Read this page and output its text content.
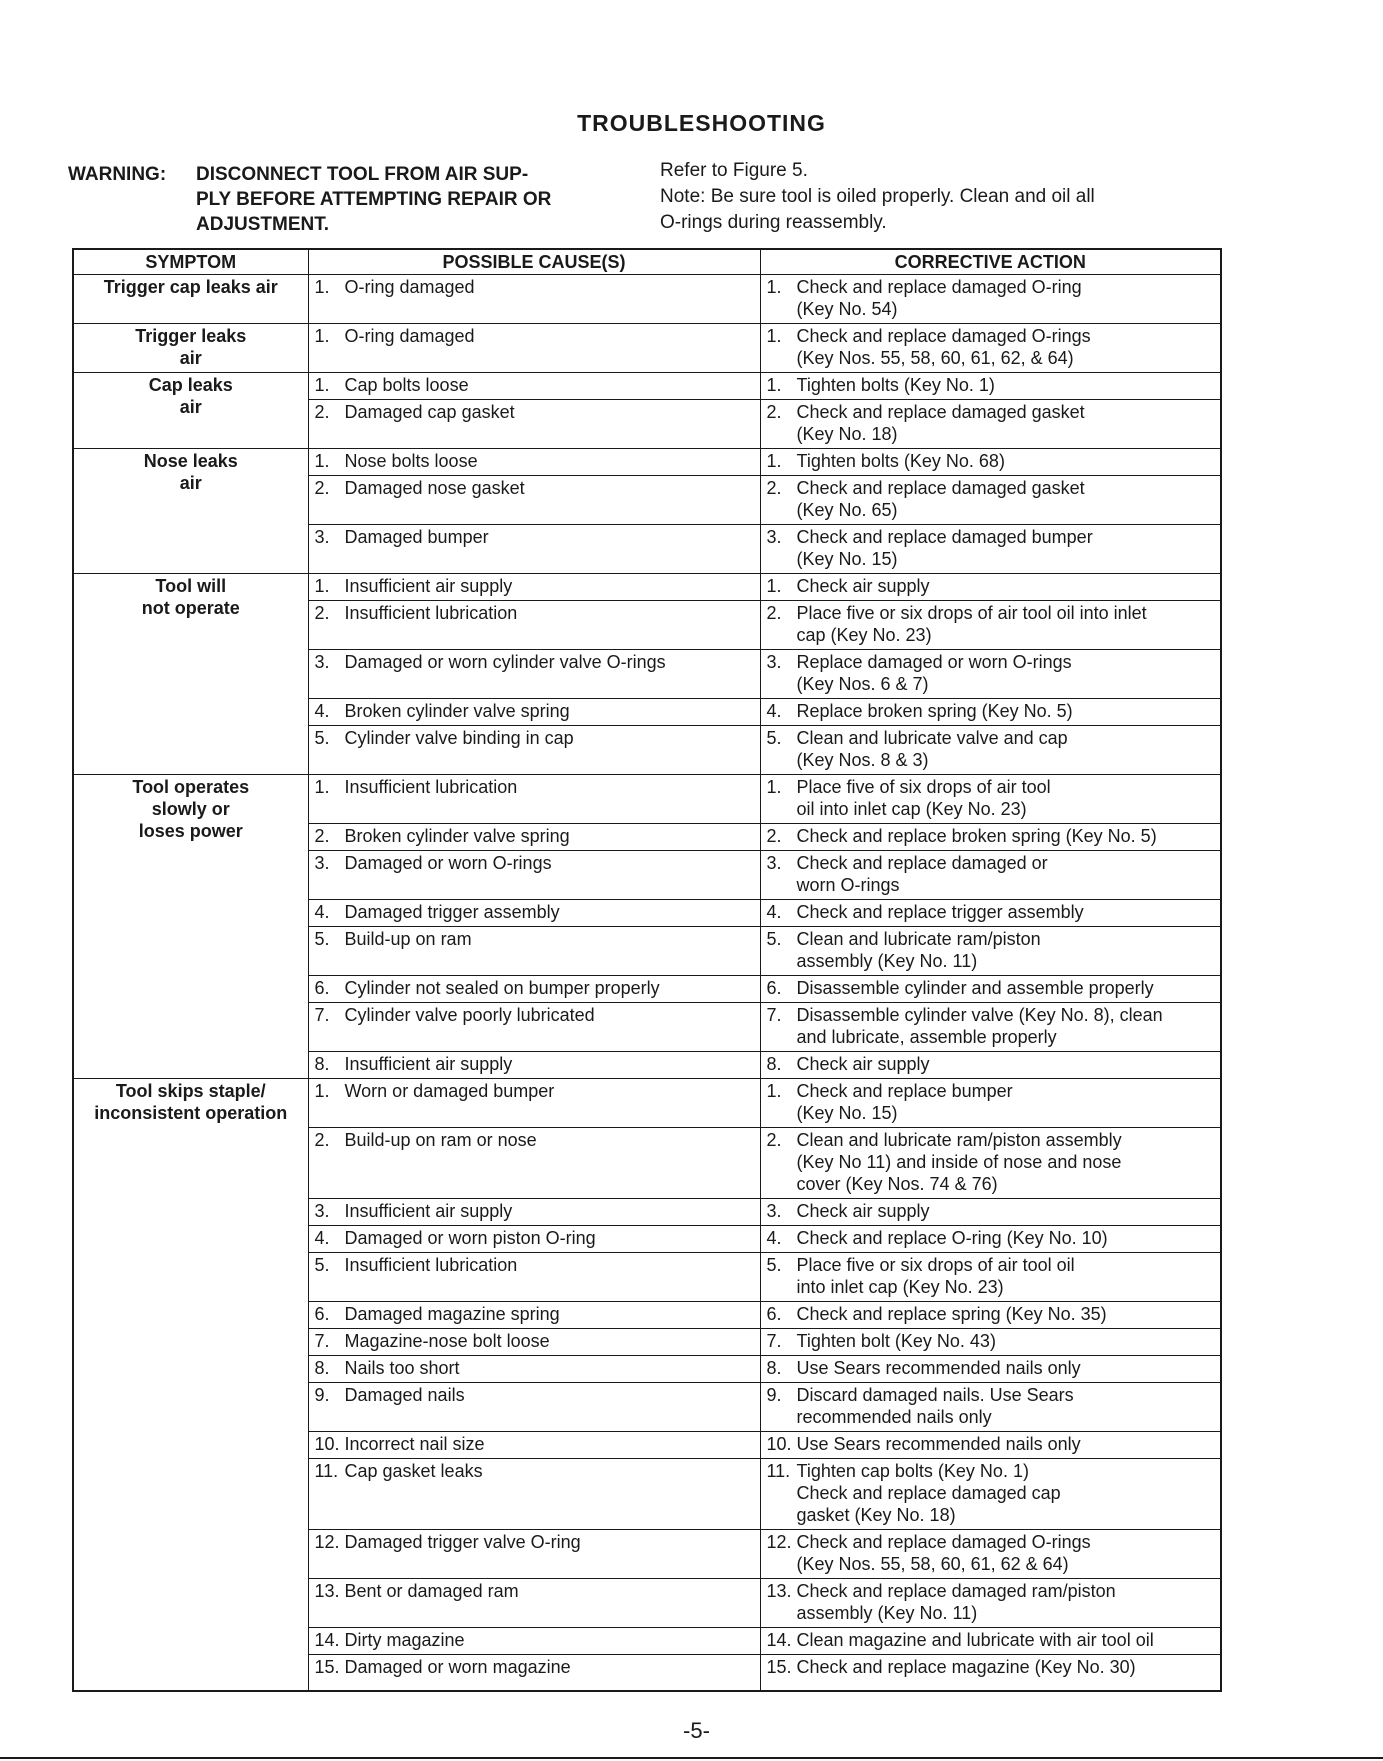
TROUBLESHOOTING
WARNING: DISCONNECT TOOL FROM AIR SUP-
PLY BEFORE ATTEMPTING REPAIR OR
ADJUSTMENT.
Refer to Figure 5.
Note: Be sure tool is oiled properly. Clean and oil all
O-rings during reassembly.
SYMPTOM	POSSIBLE CAUSE(S)	CORRECTIVE ACTION
Trigger cap leaks air	1. O-ring damaged	1. Check and replace damaged O-ring
(Key No. 54)

Trigger leaks
air	1. O-ring damaged	1. Check and replace damaged O-rings
(Key Nos. 55, 58, 60, 61, 62, & 64)

Cap leaks
air	1. Cap bolts loose	1. Tighten bolts (Key No. 1)

	2. Damaged cap gasket	2. Check and replace damaged gasket
(Key No. 18)

Nose leaks
air	1. Nose bolts loose	1. Tighten bolts (Key No. 68)

	2. Damaged nose gasket	2. Check and replace damaged gasket
(Key No. 65)

	3. Damaged bumper	3. Check and replace damaged bumper
(Key No. 15)

Tool will
not operate	1. Insufficient air supply	1. Check air supply

	2. Insufficient lubrication	2. Place five or six drops of air tool oil into inlet
cap (Key No. 23)

	3. Damaged or worn cylinder valve O-rings	3. Replace damaged or worn O-rings
(Key Nos. 6 & 7)

	4. Broken cylinder valve spring	4. Replace broken spring (Key No. 5)

	5. Cylinder valve binding in cap	5. Clean and lubricate valve and cap
(Key Nos. 8 & 3)

Tool operates
slowly or
loses power	1. Insufficient lubrication	1. Place five of six drops of air tool
oil into inlet cap (Key No. 23)

	2. Broken cylinder valve spring	2. Check and replace broken spring (Key No. 5)

	3. Damaged or worn O-rings	3. Check and replace damaged or
worn O-rings

	4. Damaged trigger assembly	4. Check and replace trigger assembly

	5. Build-up on ram	5. Clean and lubricate ram/piston
assembly (Key No. 11)

	6. Cylinder not sealed on bumper properly	6. Disassemble cylinder and assemble properly

	7. Cylinder valve poorly lubricated	7. Disassemble cylinder valve (Key No. 8), clean
and lubricate, assemble properly

	8. Insufficient air supply	8. Check air supply

Tool skips staple/
inconsistent operation	1. Worn or damaged bumper	1. Check and replace bumper
(Key No. 15)

	2. Build-up on ram or nose	2. Clean and lubricate ram/piston assembly
(Key No 11) and inside of nose and nose
cover (Key Nos. 74 & 76)

	3. Insufficient air supply	3. Check air supply

	4. Damaged or worn piston O-ring	4. Check and replace O-ring (Key No. 10)

	5. Insufficient lubrication	5. Place five or six drops of air tool oil
into inlet cap (Key No. 23)

	6. Damaged magazine spring	6. Check and replace spring (Key No. 35)

	7. Magazine-nose bolt loose	7. Tighten bolt (Key No. 43)

	8. Nails too short	8. Use Sears recommended nails only

	9. Damaged nails	9. Discard damaged nails. Use Sears
recommended nails only

	10. Incorrect nail size	10. Use Sears recommended nails only

	11. Cap gasket leaks	11. Tighten cap bolts (Key No. 1)
Check and replace damaged cap
gasket (Key No. 18)

	12. Damaged trigger valve O-ring	12. Check and replace damaged O-rings
(Key Nos. 55, 58, 60, 61, 62 & 64)

	13. Bent or damaged ram	13. Check and replace damaged ram/piston
assembly (Key No. 11)

	14. Dirty magazine	14. Clean magazine and lubricate with air tool oil

	15. Damaged or worn magazine	15. Check and replace magazine (Key No. 30)
-5-
